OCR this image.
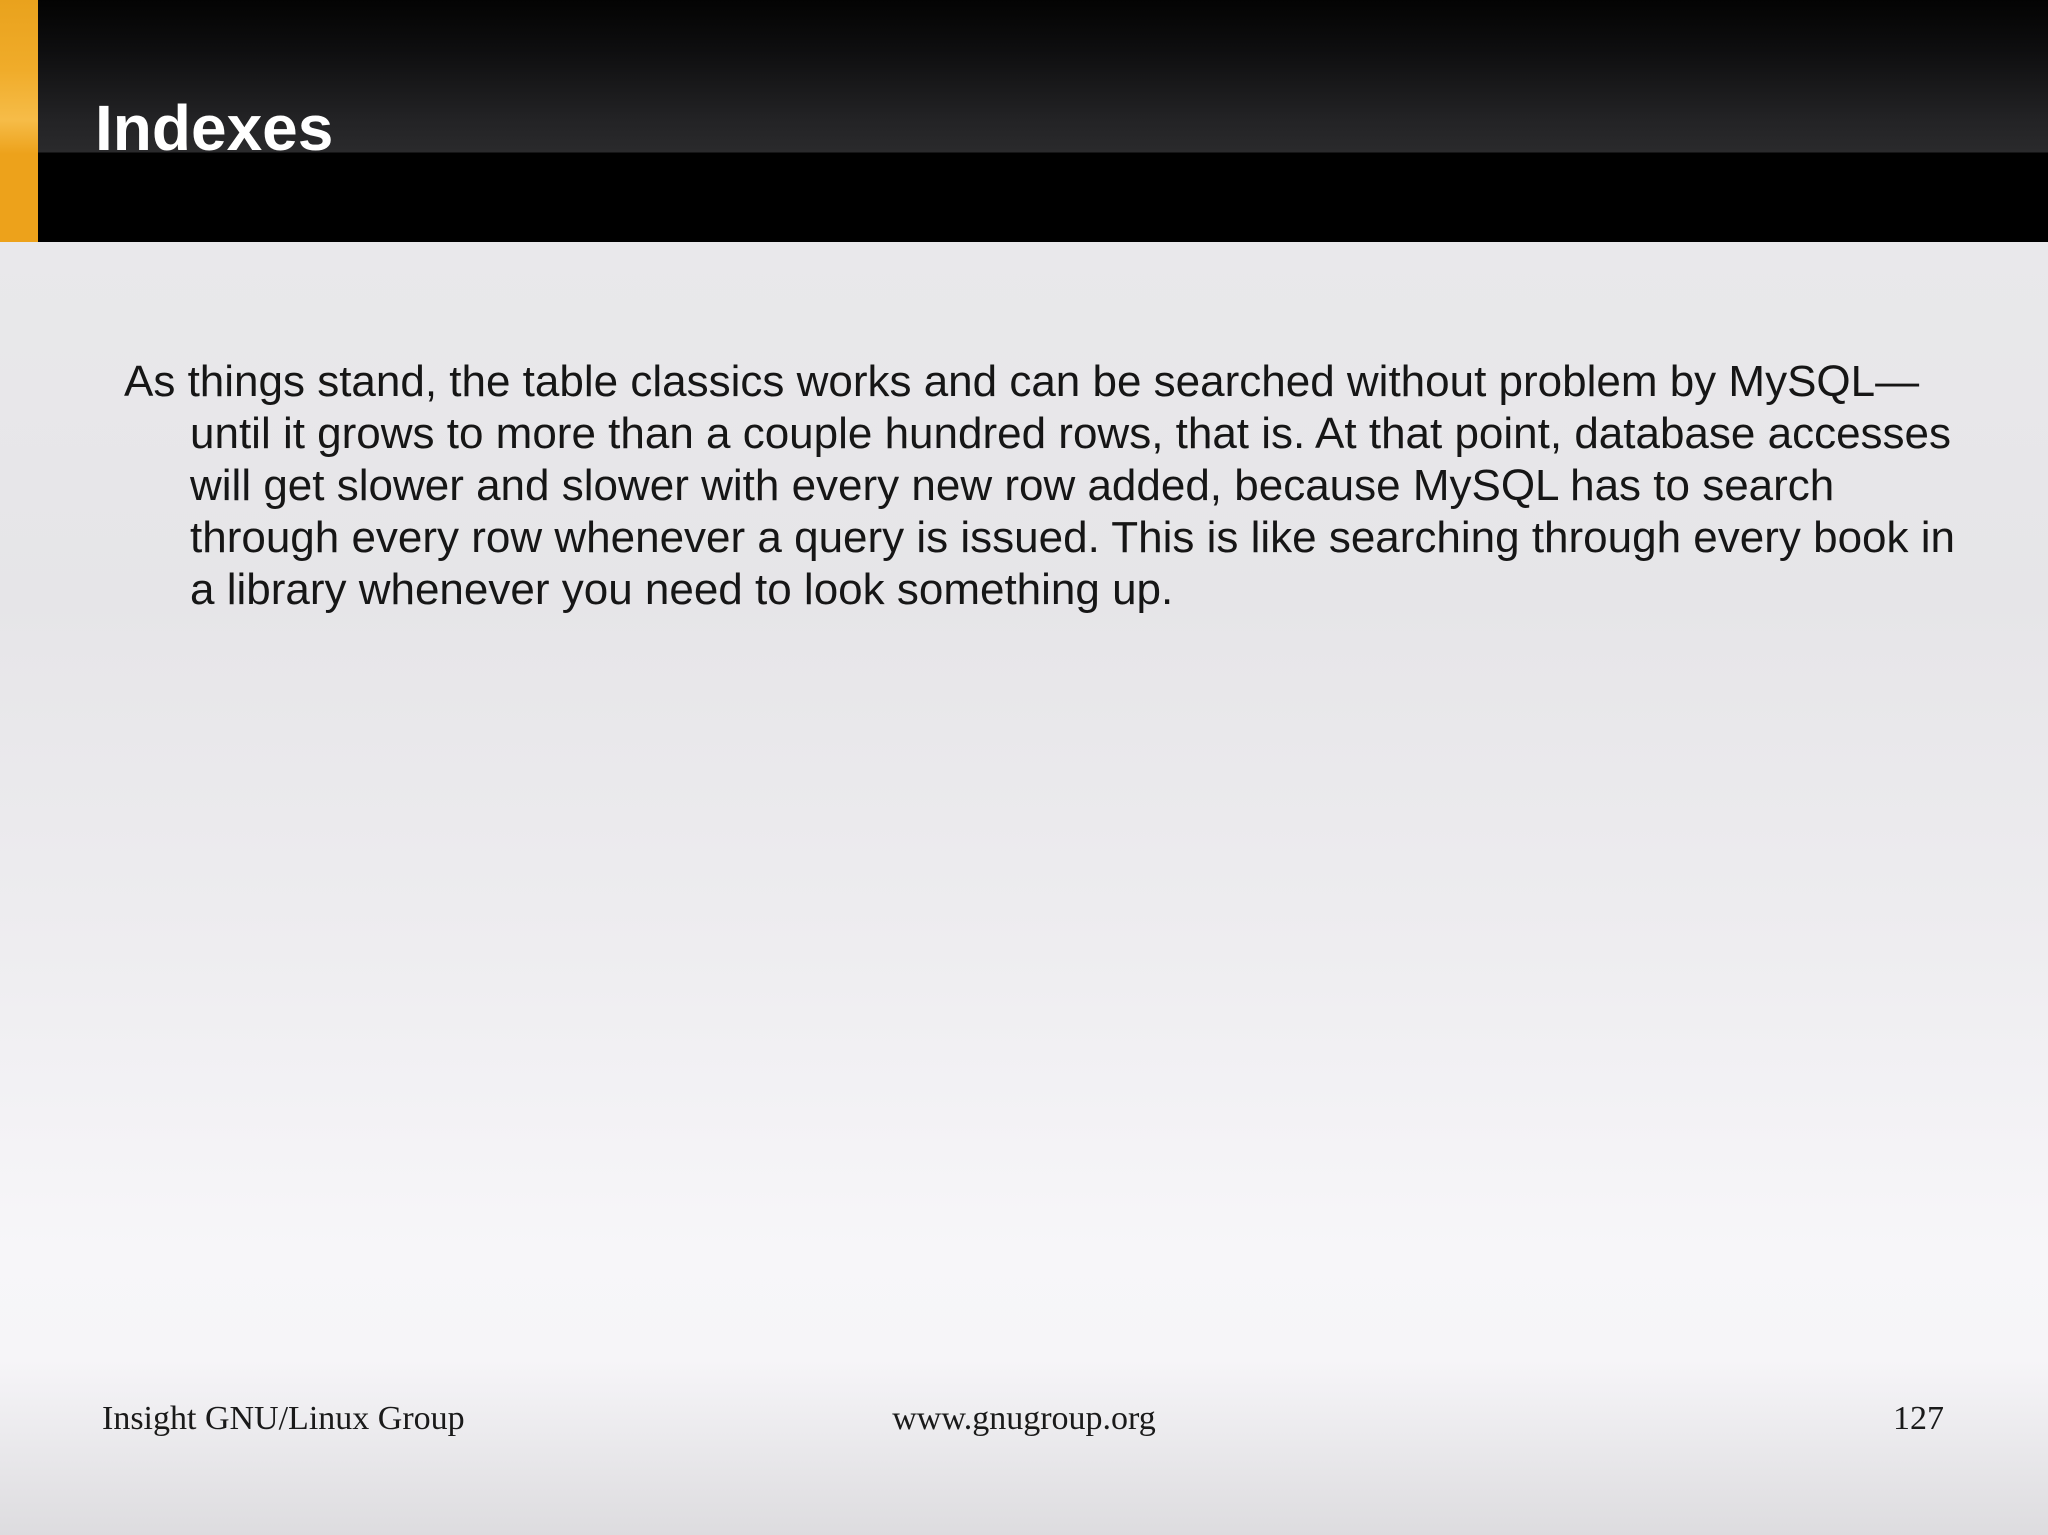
Indexes

As things stand, the table classics works and can be searched without problem by MySQL—until it grows to more than a couple hundred rows, that is. At that point, database accesses will get slower and slower with every new row added, because MySQL has to search through every row whenever a query is issued. This is like searching through every book in a library whenever you need to look something up.

www.gnugroup.org
Insight GNU/Linux Group	127
